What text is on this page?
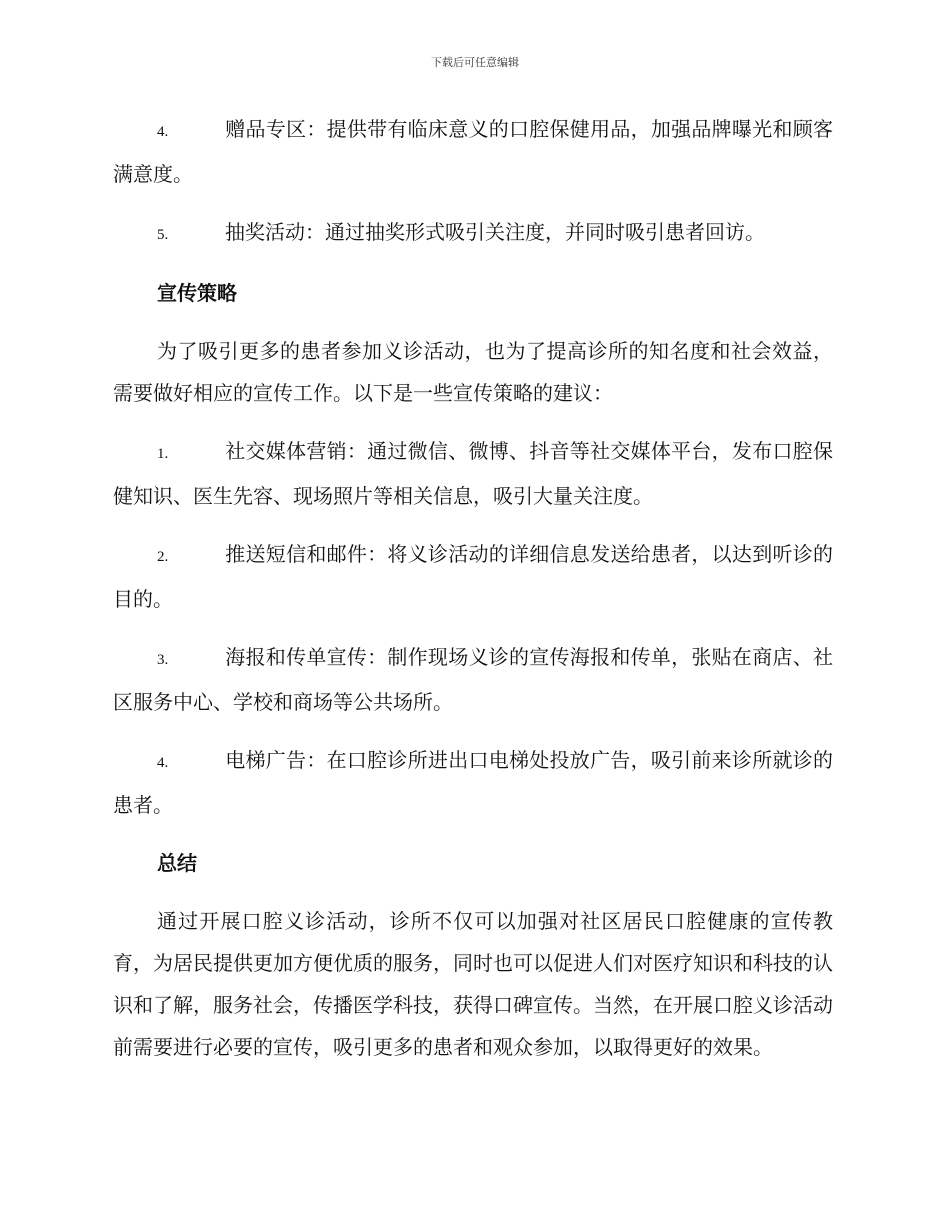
下载后可任意编辑

4.	赠品专区：提供带有临床意义的口腔保健用品，加强品牌曝光和顾客满意度。

5.	抽奖活动：通过抽奖形式吸引关注度，并同时吸引患者回访。

宣传策略

为了吸引更多的患者参加义诊活动，也为了提高诊所的知名度和社会效益，需要做好相应的宣传工作。以下是一些宣传策略的建议：

1.	社交媒体营销：通过微信、微博、抖音等社交媒体平台，发布口腔保健知识、医生先容、现场照片等相关信息，吸引大量关注度。

2.	推送短信和邮件：将义诊活动的详细信息发送给患者，以达到听诊的目的。

3.	海报和传单宣传：制作现场义诊的宣传海报和传单，张贴在商店、社区服务中心、学校和商场等公共场所。

4.	电梯广告：在口腔诊所进出口电梯处投放广告，吸引前来诊所就诊的患者。

总结

通过开展口腔义诊活动，诊所不仅可以加强对社区居民口腔健康的宣传教育，为居民提供更加方便优质的服务，同时也可以促进人们对医疗知识和科技的认识和了解，服务社会，传播医学科技，获得口碑宣传。当然，在开展口腔义诊活动前需要进行必要的宣传，吸引更多的患者和观众参加，以取得更好的效果。
